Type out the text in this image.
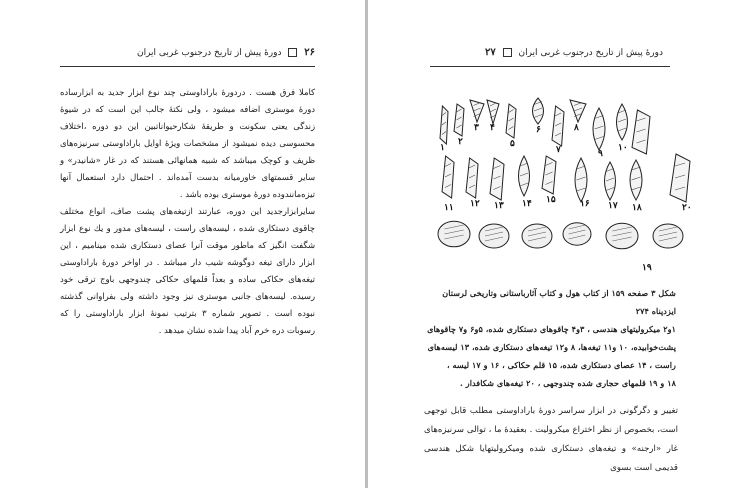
۲۶  دورۀ پیش از تاریخ درجنوب غربی ایران

کاملا فرق هست . دردورۀ باراداوستی چند نوع ابزار جدید به ابزارساده دورۀ موستری اضافه میشود ، ولی نکتۀ جالب این است که در شیوۀ زندگی یعنی سکونت و طریقۀ شکارحیواناتبین این دو دوره ،اختلاف محسوسی دیده نمیشود از مشخصات ویژۀ اوایل باراداوستی سرنیزه‌های ظریف و کوچک میباشد که شبیه همانهائی هستند که در غار «شانیدر» و سایر قسمتهای خاورمیانه بدست آمده‌اند . احتمال دارد استعمال آنها تیزه‌مانندوده دورۀ موستری بوده باشد .

سایرابزارجدید این دوره، عبارتند ازتیغه‌های پشت صاف، انواع مختلف چاقوی دستکاری شده ، لیسه‌های راست ، لیسه‌های مدور و یك نوع ابزار شگفت انگیز که ماطور موقت آنرا عصای دستکاری شده مینامیم ، این ابزار دارای تیغه دوگوشه شیب دار میباشد . در اواخر دورۀ باراداوستی تیغه‌های حکاکی ساده و بعداً قلمهای حکاکی چندوجهی باوج ترقی خود رسیده. لیسه‌های جانبی موستری نیز وجود داشته ولی بفراوانی گذشته نبوده است . تصویر شماره ۳ بترتیب نمونۀ ابزار باراداوستی را که رسوبات دره خرم آباد پیدا شده نشان میدهد .

دورۀ پیش از تاریخ درجنوب غربی ایران  ۲۷

شکل ۳ صفحه ۱۵۹ از کتاب هول و کتاب آثارباستانی وتاریخی لرستان ایزدپناه ۲۷۴

۱و۲ میکرولیتهای هندسی ، ۳و۴ چاقوهای دستکاری شده، ۵و۶ و۷ چاقوهای

پشت‌خوابیده، ۱۰ و۱۱ تیغه‌ها، ۸ و۱۲ تیغه‌های دستکاری شده، ۱۳ لیسه‌های

راست ، ۱۴ عصای دستکاری شده، ۱۵ قلم حکاکی ، ۱۶ و ۱۷ لیسه ،

۱۸ و ۱۹ قلمهای حجاری شده چندوجهی ، ۲۰ تیغه‌های شکافدار .

تغییر و دگرگونی در ابزار سراسر دورۀ باراداوستی مطلب قابل توجهی است، بخصوص از نظر اختراع میکرولیت . بعقیدۀ ما ، توالی سرنیزه‌های غار «ارجنه» و تیغه‌های دستکاری شده ومیکرولیتهایا شکل هندسی قدیمی است بسوی

۱
۲
۳ ۴
۵
۶
۷
۸
۹
۱۰
۱۱ ۱۲ ۱۳ ۱۴ ۱۵	۱۶ ۱۷ ۱۸
۱۹
۲۰
